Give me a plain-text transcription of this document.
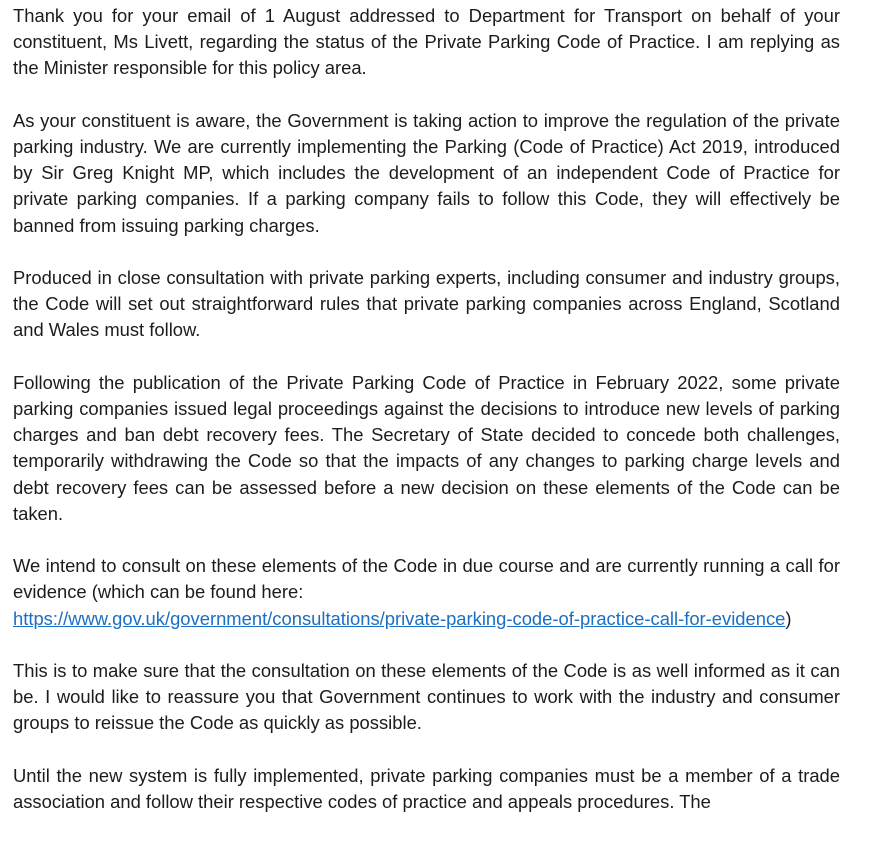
Thank you for your email of 1 August addressed to Department for Transport on behalf of your constituent, Ms Livett, regarding the status of the Private Parking Code of Practice. I am replying as the Minister responsible for this policy area.

As your constituent is aware, the Government is taking action to improve the regulation of the private parking industry. We are currently implementing the Parking (Code of Practice) Act 2019, introduced by Sir Greg Knight MP, which includes the development of an independent Code of Practice for private parking companies. If a parking company fails to follow this Code, they will effectively be banned from issuing parking charges.

Produced in close consultation with private parking experts, including consumer and industry groups, the Code will set out straightforward rules that private parking companies across England, Scotland and Wales must follow.

Following the publication of the Private Parking Code of Practice in February 2022, some private parking companies issued legal proceedings against the decisions to introduce new levels of parking charges and ban debt recovery fees. The Secretary of State decided to concede both challenges, temporarily withdrawing the Code so that the impacts of any changes to parking charge levels and debt recovery fees can be assessed before a new decision on these elements of the Code can be taken.

We intend to consult on these elements of the Code in due course and are currently running a call for evidence (which can be found here:
https://www.gov.uk/government/consultations/private-parking-code-of-practice-call-for-evidence)

This is to make sure that the consultation on these elements of the Code is as well informed as it can be. I would like to reassure you that Government continues to work with the industry and consumer groups to reissue the Code as quickly as possible.

Until the new system is fully implemented, private parking companies must be a member of a trade association and follow their respective codes of practice and appeals procedures. The
